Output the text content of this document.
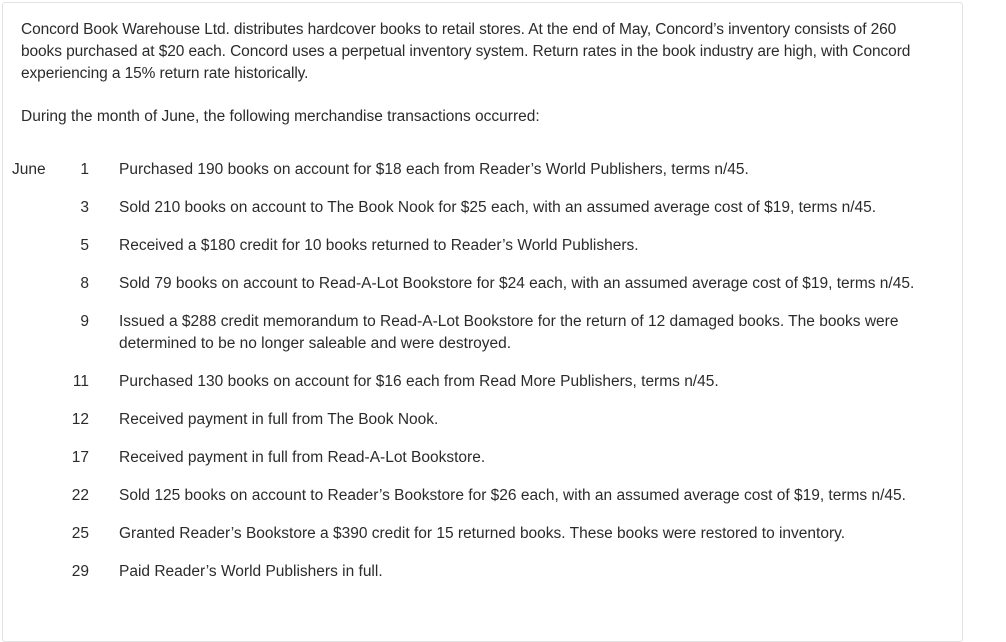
Concord Book Warehouse Ltd. distributes hardcover books to retail stores. At the end of May, Concord’s inventory consists of 260 books purchased at $20 each. Concord uses a perpetual inventory system. Return rates in the book industry are high, with Concord experiencing a 15% return rate historically.

During the month of June, the following merchandise transactions occurred:

June	1	Purchased 190 books on account for $18 each from Reader’s World Publishers, terms n/45.
	3	Sold 210 books on account to The Book Nook for $25 each, with an assumed average cost of $19, terms n/45.
	5	Received a $180 credit for 10 books returned to Reader’s World Publishers.
	8	Sold 79 books on account to Read-A-Lot Bookstore for $24 each, with an assumed average cost of $19, terms n/45.
	9	Issued a $288 credit memorandum to Read-A-Lot Bookstore for the return of 12 damaged books. The books were determined to be no longer saleable and were destroyed.
	11	Purchased 130 books on account for $16 each from Read More Publishers, terms n/45.
	12	Received payment in full from The Book Nook.
	17	Received payment in full from Read-A-Lot Bookstore.
	22	Sold 125 books on account to Reader’s Bookstore for $26 each, with an assumed average cost of $19, terms n/45.
	25	Granted Reader’s Bookstore a $390 credit for 15 returned books. These books were restored to inventory.
	29	Paid Reader’s World Publishers in full.
